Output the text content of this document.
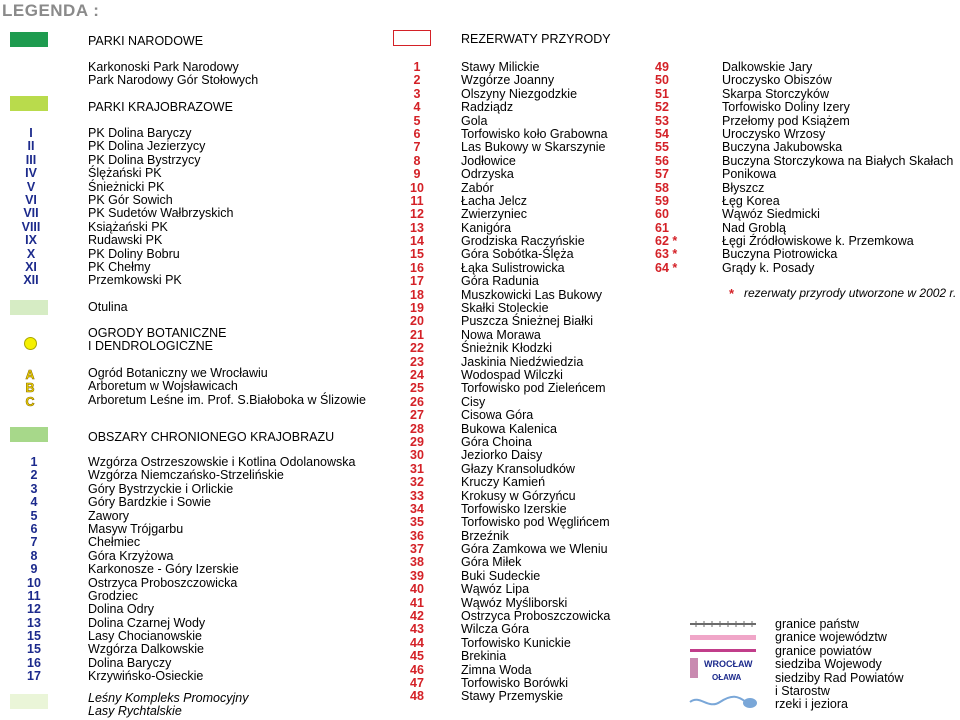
LEGENDA :
PARKI NARODOWE
Karkonoski Park Narodowy
Park Narodowy Gór Stołowych
PARKI KRAJOBRAZOWE
I
II
III
IV
V
VI
VII
VIII
IX
X
XI
XII
PK Dolina Baryczy
PK Dolina Jezierzycy
PK Dolina Bystrzycy
Ślężański PK
Śnieżnicki PK
PK Gór Sowich
PK Sudetów Wałbrzyskich
Książański PK
Rudawski PK
PK Doliny Bobru
PK Chełmy
Przemkowski PK
Otulina
OGRODY BOTANICZNE
I DENDROLOGICZNE
A
B
C
Ogród Botaniczny we Wrocławiu
Arboretum w Wojsławicach
Arboretum Leśne im. Prof. S.Białoboka w Ślizowie
OBSZARY CHRONIONEGO KRAJOBRAZU
1
2
3
4
5
6
7
8
9
10
11
12
13
15
15
16
17
Wzgórza Ostrzeszowskie i Kotlina Odolanowska
Wzgórza Niemczańsko-Strzelińskie
Góry Bystrzyckie i Orlickie
Góry Bardzkie i Sowie
Zawory
Masyw Trójgarbu
Chełmiec
Góra Krzyżowa
Karkonosze - Góry Izerskie
Ostrzyca Proboszczowicka
Grodziec
Dolina Odry
Dolina Czarnej Wody
Lasy Chocianowskie
Wzgórza Dalkowskie
Dolina Baryczy
Krzywińsko-Osieckie
Leśny Kompleks Promocyjny
Lasy Rychtalskie
REZERWATY PRZYRODY
1
2
3
4
5
6
7
8
9
10
11
12
13
14
15
16
17
18
19
20
21
22
23
24
25
26
27
28
29
30
31
32
33
34
35
36
37
38
39
40
41
42
43
44
45
46
47
48
Stawy Milickie
Wzgórze Joanny
Olszyny Niezgodzkie
Radziądz
Gola
Torfowisko koło Grabowna
Las Bukowy w Skarszynie
Jodłowice
Odrzyska
Zabór
Łacha Jelcz
Zwierzyniec
Kanigóra
Grodziska Raczyńskie
Góra Sobótka-Ślęża
Łąka Sulistrowicka
Góra Radunia
Muszkowicki Las Bukowy
Skałki Stoleckie
Puszcza Śnieżnej Białki
Nowa Morawa
Śnieżnik Kłodzki
Jaskinia Niedźwiedzia
Wodospad Wilczki
Torfowisko pod Zieleńcem
Cisy
Cisowa Góra
Bukowa Kalenica
Góra Choina
Jeziorko Daisy
Głazy Kransoludków
Kruczy Kamień
Krokusy w Górzyńcu
Torfowisko Izerskie
Torfowisko pod Węglińcem
Brzeźnik
Góra Zamkowa we Wleniu
Góra Miłek
Buki Sudeckie
Wąwóz Lipa
Wąwóz Myśliborski
Ostrzyca Proboszczowicka
Wilcza Góra
Torfowisko Kunickie
Brekinia
Zimna Woda
Torfowisko Borówki
Stawy Przemyskie
49
50
51
52
53
54
55
56
57
58
59
60
61
62 *
63 *
64 *
Dalkowskie Jary
Uroczysko Obiszów
Skarpa Storczyków
Torfowisko Doliny Izery
Przełomy pod Książem
Uroczysko Wrzosy
Buczyna Jakubowska
Buczyna Storczykowa na Białych Skałach
Ponikowa
Błyszcz
Łęg Korea
Wąwóz Siedmicki
Nad Groblą
Łęgi Źródłowiskowe k. Przemkowa
Buczyna Piotrowicka
Grądy k. Posady
* rezerwaty przyrody utworzone w 2002 r.
WROCŁAW
OŁAWA
granice państw
granice województw
granice powiatów
siedziba Wojewody
siedziby Rad Powiatów
i Starostw
rzeki i jeziora
